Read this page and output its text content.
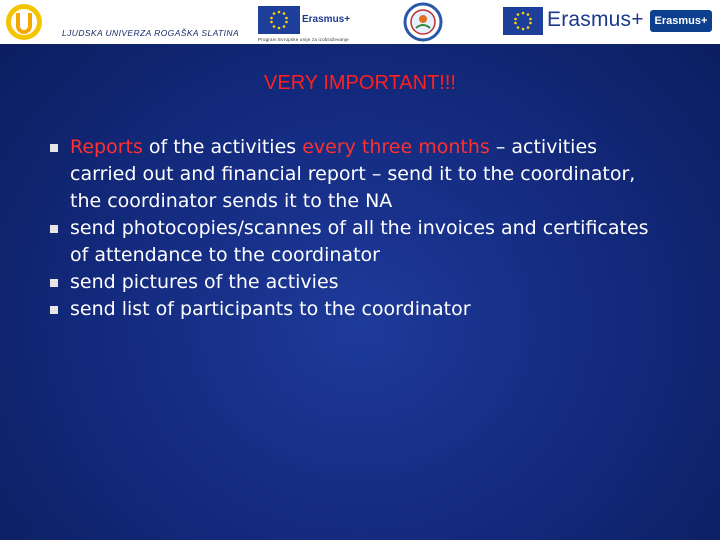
LJUDSKA UNIVERZA ROGAŠKA SLATINA
Erasmus+
Program Evropske unije za izobraževanje
Erasmus+ Erasmus+
VERY IMPORTANT!!!
Reports of the activities every three months – activities carried out and financial report – send it to the coordinator, the coordinator sends it to the NA
send photocopies/scannes of all the invoices and certificates of attendance to the coordinator
send pictures of the activies
send list of participants to the coordinator
